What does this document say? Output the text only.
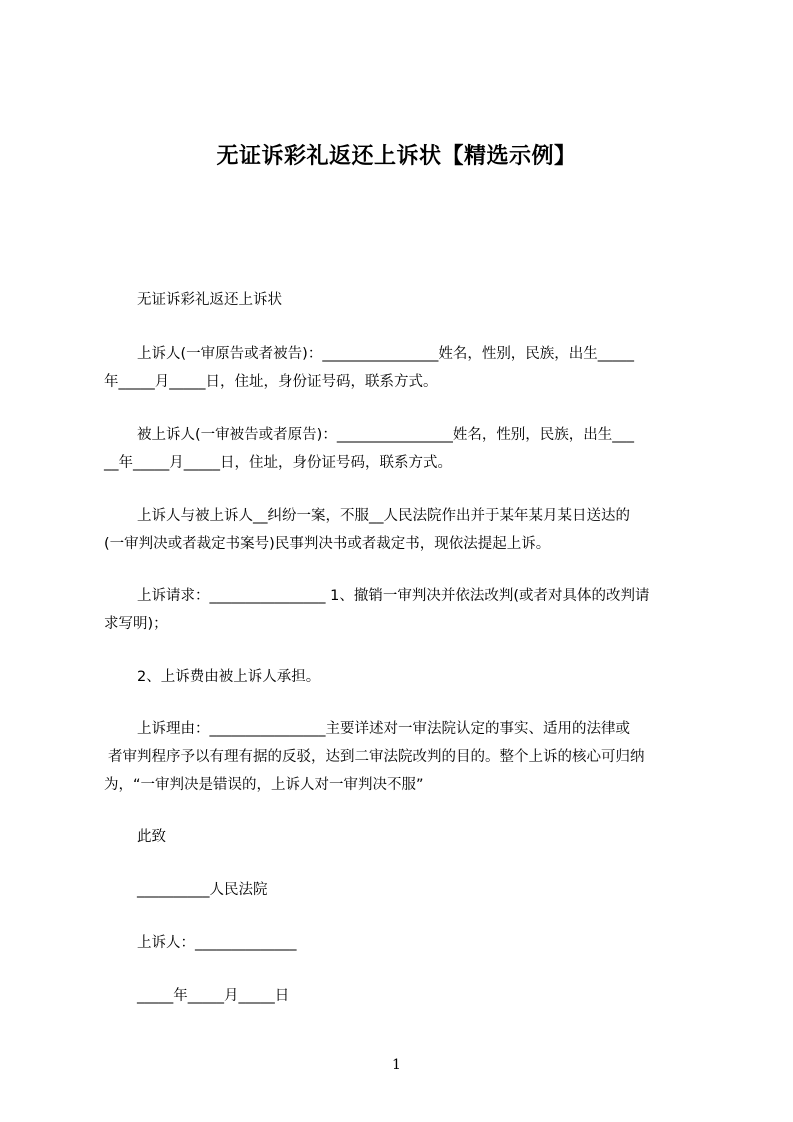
无证诉彩礼返还上诉状【精选示例】
无证诉彩礼返还上诉状
上诉人(一审原告或者被告)：________________姓名，性别，民族，出生_____
年_____月_____日，住址，身份证号码，联系方式。
被上诉人(一审被告或者原告)：________________姓名，性别，民族，出生___
__年_____月_____日，住址，身份证号码，联系方式。
上诉人与被上诉人__纠纷一案，不服__人民法院作出并于某年某月某日送达的
(一审判决或者裁定书案号)民事判决书或者裁定书，现依法提起上诉。
上诉请求：________________ 1、撤销一审判决并依法改判(或者对具体的改判请
求写明)；
2、上诉费由被上诉人承担。
上诉理由：________________主要详述对一审法院认定的事实、适用的法律或
者审判程序予以有理有据的反驳，达到二审法院改判的目的。整个上诉的核心可归纳
为，“一审判决是错误的，上诉人对一审判决不服”
此致
__________人民法院
上诉人：______________
_____年_____月_____日
1
